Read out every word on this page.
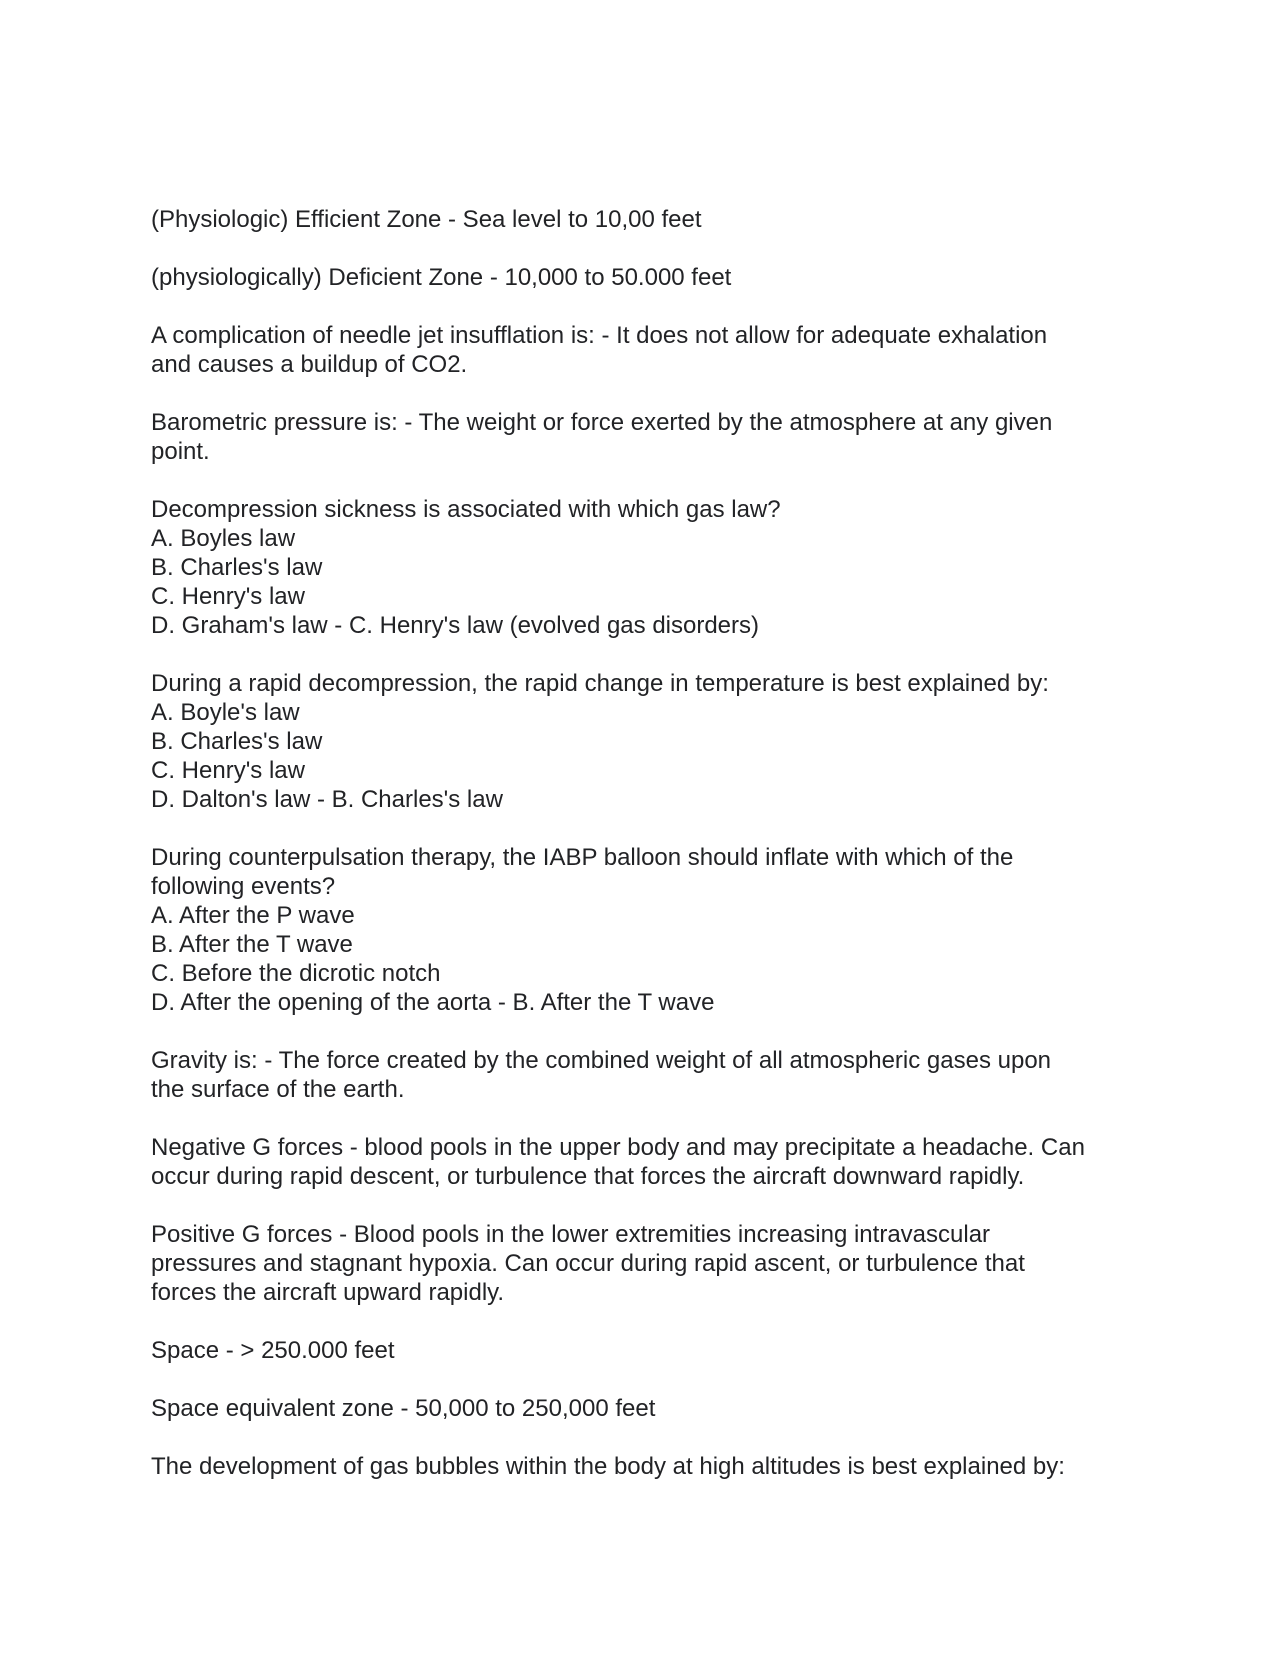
(Physiologic) Efficient Zone - Sea level to 10,00 feet
(physiologically) Deficient Zone - 10,000 to 50.000 feet
A complication of needle jet insufflation is: - It does not allow for adequate exhalation
and causes a buildup of CO2.
Barometric pressure is: - The weight or force exerted by the atmosphere at any given
point.
Decompression sickness is associated with which gas law?
A. Boyles law
B. Charles's law
C. Henry's law
D. Graham's law - C. Henry's law (evolved gas disorders)
During a rapid decompression, the rapid change in temperature is best explained by:
A. Boyle's law
B. Charles's law
C. Henry's law
D. Dalton's law - B. Charles's law
During counterpulsation therapy, the IABP balloon should inflate with which of the
following events?
A. After the P wave
B. After the T wave
C. Before the dicrotic notch
D. After the opening of the aorta - B. After the T wave
Gravity is: - The force created by the combined weight of all atmospheric gases upon
the surface of the earth.
Negative G forces - blood pools in the upper body and may precipitate a headache. Can
occur during rapid descent, or turbulence that forces the aircraft downward rapidly.
Positive G forces - Blood pools in the lower extremities increasing intravascular
pressures and stagnant hypoxia. Can occur during rapid ascent, or turbulence that
forces the aircraft upward rapidly.
Space - > 250.000 feet
Space equivalent zone - 50,000 to 250,000 feet
The development of gas bubbles within the body at high altitudes is best explained by:
